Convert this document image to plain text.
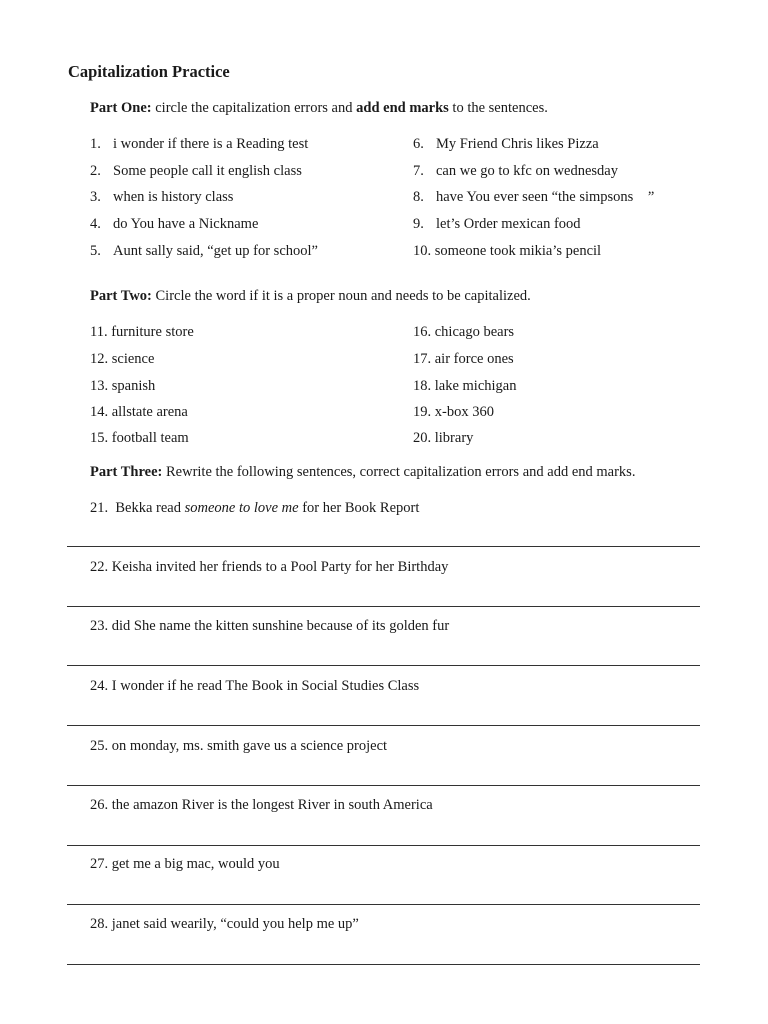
Capitalization Practice
Part One: circle the capitalization errors and add end marks to the sentences.
1. i wonder if there is a Reading test
2. Some people call it english class
3. when is history class
4. do You have a Nickname
5. Aunt sally said, “get up for school”
6. My Friend Chris likes Pizza
7. can we go to kfc on wednesday
8. have You ever seen “the simpsons    ”
9. let’s Order mexican food
10. someone took mikia’s pencil
Part Two: Circle the word if it is a proper noun and needs to be capitalized.
11. furniture store
12. science
13. spanish
14. allstate arena
15. football team
16. chicago bears
17. air force ones
18. lake michigan
19. x-box 360
20. library
Part Three: Rewrite the following sentences, correct capitalization errors and add end marks.
21.  Bekka read someone to love me for her Book Report
22. Keisha invited her friends to a Pool Party for her Birthday
23. did She name the kitten sunshine because of its golden fur
24. I wonder if he read The Book in Social Studies Class
25. on monday, ms. smith gave us a science project
26. the amazon River is the longest River in south America
27. get me a big mac, would you
28. janet said wearily, “could you help me up”
